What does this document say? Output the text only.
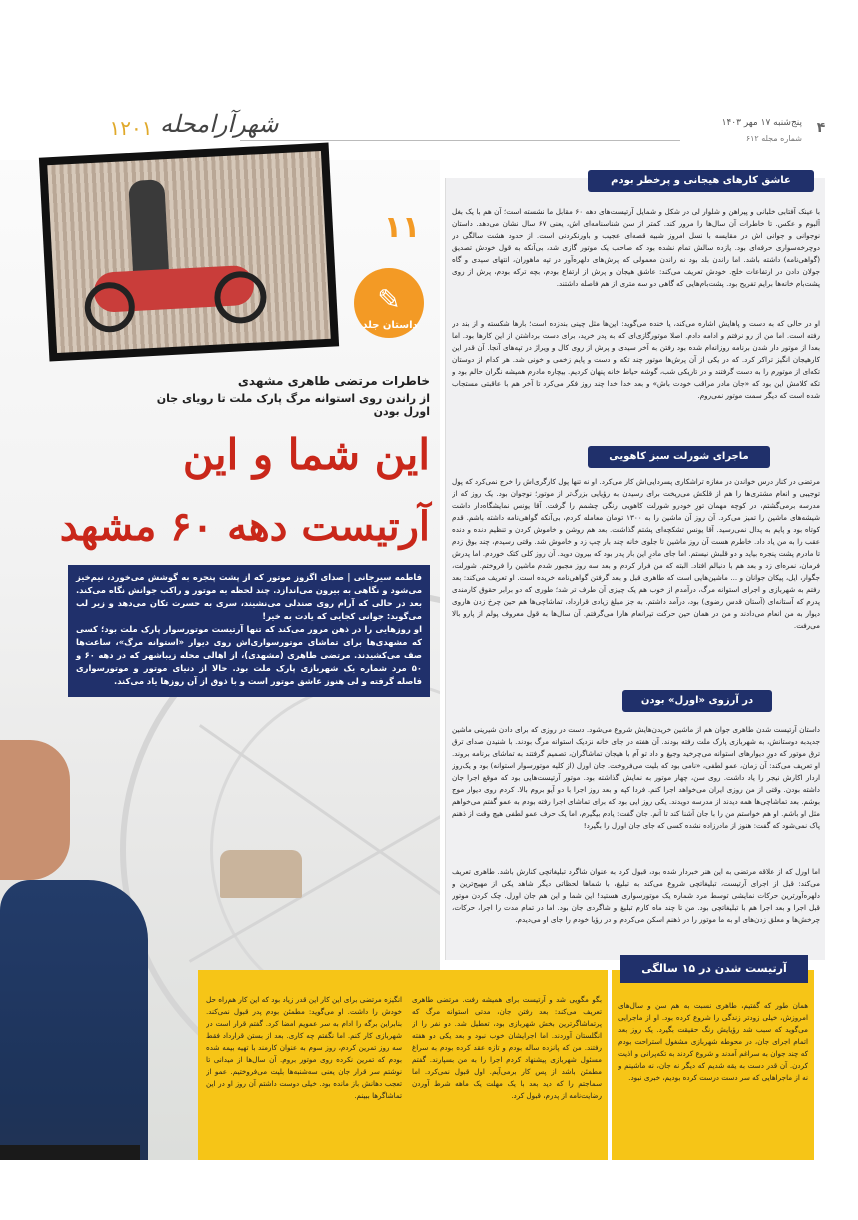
۴
پنج‌شنبه ۱۷ مهر ۱۴۰۳
شماره مجله ۶۱۲
شهرآرامحله
۱۲۰۱
۱۱
✎
داستان جلد
خاطرات مرتضی طاهری مشهدی
از راندن روی استوانه مرگ پارک ملت تا رویای جان اورل بودن
این شما و این
آرتیست دهه ۶۰ مشهد

فاطمه سیرجانی | صدای اگزوز موتور که از پشت پنجره به گوشش می‌خورد، نیم‌خیز می‌شود و نگاهی به بیرون می‌اندازد. چند لحظه به موتور و راکب جوانش نگاه می‌کند. بعد در حالی که آرام روی صندلی می‌نشیند، سری به حسرت تکان می‌دهد و زیر لب می‌گوید: جوانی کجایی که یادت به خیر!

او روزهایی را در ذهن مرور می‌کند که تنها آرتیست موتورسوار پارک ملت بود؛ کسی که مشهدی‌ها برای تماشای موتورسواری‌اش روی دیوار «استوانه مرگ»، ساعت‌ها صف می‌کشیدند. مرتضی طاهری (مشهدی)، از اهالی محله زیباشهر که در دهه ۶۰ و ۵۰ مرد شماره یک شهربازی پارک ملت بود. حالا از دنیای موتور و موتورسواری فاصله گرفته و لی هنوز عاشق موتور است و با ذوق از آن روزها یاد می‌کند.

عاشق کارهای هیجانی و پرخطر بودم
با عینک آفتابی خلبانی و پیراهن و شلوار لی در شکل و شمایل آرتیست‌های دهه ۶۰ مقابل ما نشسته است؛ آن هم با یک بغل آلبوم و عکس. تا خاطرات آن سال‌ها را مرور کند. کمتر از سن شناسنامه‌ای اش، یعنی ۶۷ سال نشان می‌دهد. داستان نوجوانی و جوانی اش در مقایسه با نسل امروز شبیه قصه‌ای عجیب و باورنکردنی است. از حدود هشت سالگی در دوچرخه‌سواری حرفه‌ای بود. یازده سالش تمام نشده بود که صاحب یک موتور گازی شد، بی‌آنکه به قول خودش تصدیق (گواهی‌نامه) داشته باشد. اما راندن بلد بود نه راندن معمولی که پرش‌های دلهره‌آور در تپه ماهوران، انتهای سیدی و گاه جولان دادن در ارتفاعات خلج. خودش تعریف می‌کند: عاشق هیجان و پرش از ارتفاع بودم، بچه ترکه بودم، پرش از روی پشت‌بام خانه‌ها برایم تفریح بود. پشت‌بام‌هایی که گاهی دو سه متری از هم فاصله داشتند.
او در حالی که به دست و پاهایش اشاره می‌کند، یا خنده می‌گوید: این‌ها مثل چینی بندزده است؛ بارها شکسته و از بند در رفته است. اما من از رو نرفتم و ادامه دادم. اصلا موتورگازی‌ای که به پدر خرید، برای دست برداشتن از این کارها بود. اما بعدا از موتور دار شدن برنامه روزانه‌ام شده بود رفتن به آخر سیدی و پرش از روی کال و ویراژ در تپه‌های آنجا. آن قدر این کارهیجان انگیز تراکر کرد. که در یکی از آن پرش‌ها موتور چند تکه و دست و پایم زخمی و خونی شد. هر کدام از دوستان تکه‌ای از موتورم را به دست گرفتند و در تاریکی شب، گوشه حیاط خانه پنهان کردیم. بیچاره مادرم همیشه نگران حالم بود و تکه کلامش این بود که «جان مادر مراقب خودت باش» و بعد خدا خدا چند روز فکر می‌کرد تا آخر هم با عاقبتی مستجاب شده است که دیگر سمت موتور نمی‌روم.
ماجرای شورلت سبز کاهویی
مرتضی در کنار درس خواندن در مغازه تراشکاری پسردایی‌اش کار می‌کرد. او نه تنها پول کارگری‌اش را خرج نمی‌کرد که پول توجیبی و انعام مشتری‌ها را هم از قلکش می‌ریخت برای رسیدن به رؤیایی بزرگ‌تر از موتور؛ نوجوان بود. یک روز که از مدرسه برمی‌گشتم، در کوچه‌ مهمان تورِ خودرو شورلت کاهویی رنگی چشمم را گرفت. آقا یونس نمایشگاه‌دار داشت شیشه‌های ماشین را تمیز می‌کرد. آن روز آن ماشین را به ۱۳۰۰ تومان معامله کردم، بی‌آنکه گواهی‌نامه داشته باشم. قدم کوتاه بود و پایم به پدال نمی‌رسید. آقا یونس تشکچه‌ای پشتم گذاشت. بعد هم روشن و خاموش کردن و تنظیم دنده و دنده عقب را به من یاد داد. خاطرم هست آن روز ماشین تا جلوی خانه چند بار چپ زد و خاموش شد. وقتی رسیدم، چند بوق زدم تا مادرم پشت پنجره بیاید و دو قلبش نیستم. اما جای مادرِ این بار پدر بود که بیرون دوید. آن روز کلی کتک خوردم. اما پدرش فرمان، نمره‌ای زد و بعد هم با دنبالم افتاد. البته که من فرار کردم و بعد سه روز مجبور شدم ماشین را فروختم. شورلت، جگوار، ایل، پیکان جوانان و ... ماشین‌هایی است که طاهری قبل و بعد گرفتن گواهی‌نامه خریده است. او تعریف می‌کند: بعد رفتم به شهربازی و اجرای استوانه مرگ، درآمدم از خوب هم یک چیزی آن طرف تر شد؛ طوری که دو برابر حقوق کارمندی پدرم که آستانه‌ای (آستان قدس رضوی) بود، درآمد داشتم. به جز مبلغ زیادی قرارداد، تماشاچی‌ها هم حین چرخ زدن هاروی دیوار به من انعام می‌دادند و من در همان حین حرکت تیرانعام هارا می‌گرفتم. آن سال‌ها به قول معروف پولم از پارو بالا می‌رفت.
در آرزوی «اورل» بودن
داستان آرتیست شدن طاهری جوان هم از ماشین خریدن‌هایش شروع می‌شود. دست در روزی که برای دادن شیرینی ماشین جدیدبه دوستانش، به شهربازی پارک ملت رفته بودند. آن هفته در جای خانه نزدیک استوانه مرگ بودند. با شنیدن صدای ترق ترق موتور که دورِ دیوارهای استوانه می‌چرخید وجیغ و داد تو آم با هیجان تماشاگران، تصمیم گرفتند به تماشای برنامه بروند. او تعریف می‌کند: آن زمان، عمو لطفی، «نامی بود که بلیت می‌فروخت. جان اورل (از کلیه موتورسوار استوانه) بود و یک‌روز اردار اکارش نیجر را یاد داشت. روی سن، چهار موتور به نمایش گذاشته بود. موتور آرتیست‌هایی بود که موقع اجرا جان داشته بودن. وقتی از من روزی ایران می‌خواهد اجرا کنم. فردا کپه و بعد روز اجرا با دو آیو بروم بالا. کردم روی دیوار موج بوشم. بعد تماشاچی‌ها همه دیدند از مدرسه دویدند. یکی روز ایی بود که برای تماشای اجرا رفته بودم به عمو گفتم می‌خواهم مثل او باشم. او هم خواستم من را با جان آشنا کند تا آنم. جان گفت: یادم بیگیرم، اما یک حرف عمو لطفی هیچ وقت از ذهنم پاک نمی‌شود که گفت: هنوز از مادرزاده نشده کسی که جای جان اورل را بگیرد!
اما اورل که از علاقه مرتضی به این هنر خبردار شده بود، قبول کرد به عنوان شاگرد تبلیغاتچی کنارش باشد. طاهری تعریف می‌کند: قبل از اجرای آرتیست، تبلیغاتچی شروع می‌کند به تبلیغ، با شماها لحظاتی دیگر شاهد یکی از مهیج‌ترین و دلهره‌آورترین حرکات نمایشی توسط مرد شماره یک موتورسواری هستید! این شما و این هم جان اورل. چک کردن موتور قبل اجرا و بعد اجرا هم با تبلیغاتچی بود. من تا چند ماه کارم تبلیغ و شاگردی جان بود. اما در تمام مدت را اجرا، حرکات، چرخش‌ها و معلق زدن‌های او به ما موتور را در ذهنم اسکن می‌کردم و در رؤیا خودم را جای او می‌دیدم.
آرتیست شدن در ۱۵ سالگی
همان طور که گفتیم، طاهری نسبت به هم سن و سال‌های امروزش، خیلی زودتر زندگی را شروع کرده بود. او از ماجرایی می‌گوید که سبب شد رؤیایش رنگ حقیقت بگیرد. یک روز بعد اتمام اجرای جان، در محوطه شهربازی مشغول استراحت بودم که چند جوان به سراغم آمدند و شروع کردند به تکه‌پرانی و اذیت کردن. آن قدر دست به یقه شدیم که دیگر نه جان، نه ماشینم و نه از ماجراهایی که سر دست درست کرده بودیم، خبری نبود.
بگو مگویی شد و آرتیست برای همیشه رفت. مرتضی طاهری تعریف می‌کند: بعد رفتن جان، مدتی استوانه مرگ که پرتماشاگرترین بخش شهربازی بود، تعطیل شد. دو نفر را از انگلستان آوردند. اما اجرایشان خوب نبود و بعد یکی دو هفته رفتند. من که پانزده ساله بودم و تازه عقد کرده بودم به سراغ مسئول شهربازی پیشنهاد کردم اجرا را به من بسپارند. گفتم مطمئن باشد از پس کار برمی‌آیم. اول قبول نمی‌کرد. اما سماجتم را که دید بعد با یک مهلت یک ماهه شرط آوردن رضایت‌نامه از پدرم، قبول کرد.
انگیزه مرتضی برای این کار این قدر زیاد بود که این کار هم‌راه حل خودش را داشت. او می‌گوید: مطمئن بودم پدر قبول نمی‌کند. بنابراین برگه را ادام به سر عمویم امضا کرد. گفتم قرار است در شهربازی کار کنم. اما نگفتم چه کاری. بعد از بستن قرارداد فقط سه روز تمرین کردم، روز سوم به عنوان کارمند با تهیه بیمه شده بودم که تمرین نکرده روی موتور بروم. آن سال‌ها از میدانی تا نوشتم سر قرار جان یعنی سه‌شنبه‌ها بلیت می‌فروختیم. عمو از تعجب دهانش باز مانده بود. خیلی دوست داشتم آن روز او در این تماشاگرها ببینم.
